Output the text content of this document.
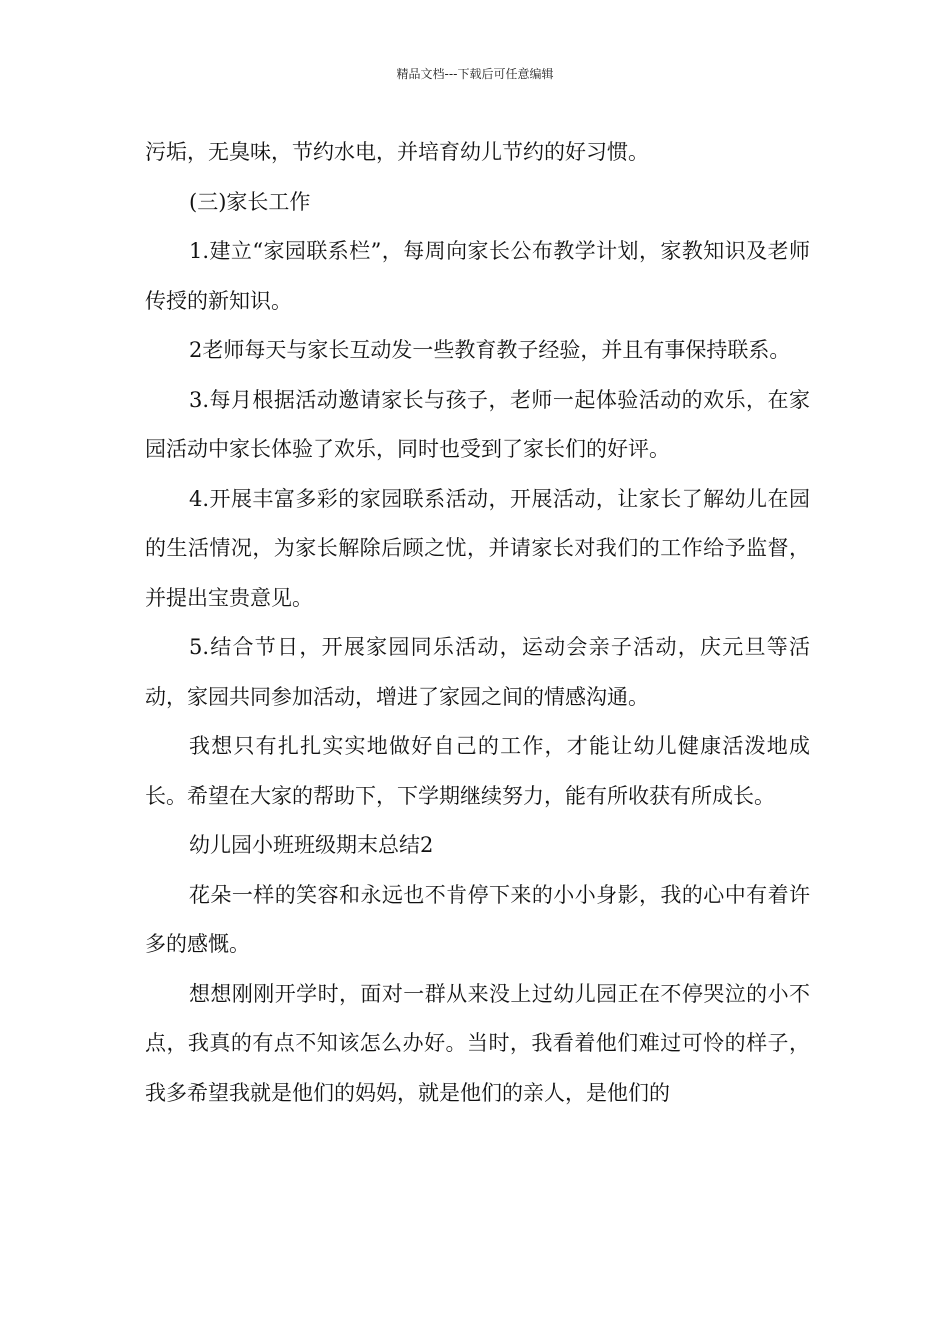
精品文档---下载后可任意编辑

污垢，无臭味，节约水电，并培育幼儿节约的好习惯。

(三)家长工作

1.建立“家园联系栏”，每周向家长公布教学计划，家教知识及老师传授的新知识。

2老师每天与家长互动发一些教育教子经验，并且有事保持联系。

3.每月根据活动邀请家长与孩子，老师一起体验活动的欢乐，在家园活动中家长体验了欢乐，同时也受到了家长们的好评。

4.开展丰富多彩的家园联系活动，开展活动，让家长了解幼儿在园的生活情况，为家长解除后顾之忧，并请家长对我们的工作给予监督，并提出宝贵意见。

5.结合节日，开展家园同乐活动，运动会亲子活动，庆元旦等活动，家园共同参加活动，增进了家园之间的情感沟通。

我想只有扎扎实实地做好自己的工作，才能让幼儿健康活泼地成长。希望在大家的帮助下，下学期继续努力，能有所收获有所成长。

幼儿园小班班级期末总结2

花朵一样的笑容和永远也不肯停下来的小小身影，我的心中有着许多的感慨。

想想刚刚开学时，面对一群从来没上过幼儿园正在不停哭泣的小不点，我真的有点不知该怎么办好。当时，我看着他们难过可怜的样子，我多希望我就是他们的妈妈，就是他们的亲人，是他们的
